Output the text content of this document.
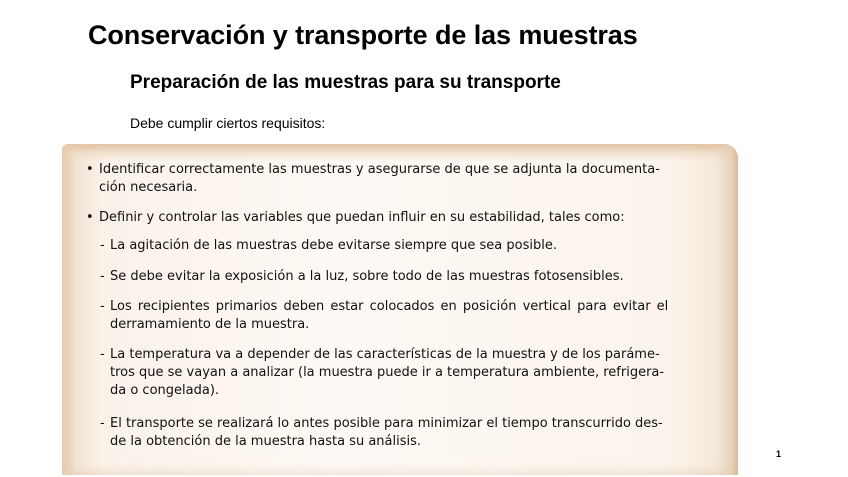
Conservación y transporte de las muestras
Preparación de las muestras para su transporte
Debe cumplir ciertos requisitos:
• Identificar correctamente las muestras y asegurarse de que se adjunta la documenta-
ción necesaria.
• Definir y controlar las variables que puedan influir en su estabilidad, tales como:
- La agitación de las muestras debe evitarse siempre que sea posible.
- Se debe evitar la exposición a la luz, sobre todo de las muestras fotosensibles.
- Los recipientes primarios deben estar colocados en posición vertical para evitar el
derramamiento de la muestra.
- La temperatura va a depender de las características de la muestra y de los paráme-
tros que se vayan a analizar (la muestra puede ir a temperatura ambiente, refrigera-
da o congelada).
- El transporte se realizará lo antes posible para minimizar el tiempo transcurrido des-
de la obtención de la muestra hasta su análisis.
1
